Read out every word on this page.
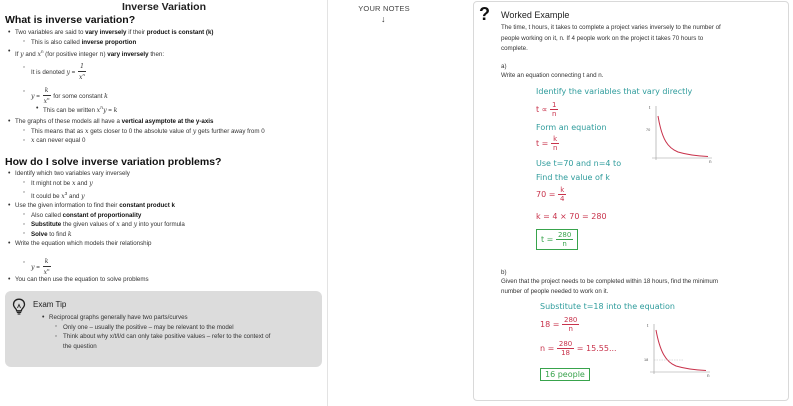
Inverse Variation
What is inverse variation?
• Two variables are said to vary inversely if their product is constant (k)
◦ This is also called inverse proportion
• If y and $x^n$ (for positive integer n) vary inversely then:
◦ It is denoted $y = \frac{1}{x^n}$
◦ $y = \frac{k}{x^n}$ for some constant k
• This can be written $x^ny = k$
• The graphs of these models all have a vertical asymptote at the y-axis
◦ This means that as x gets closer to 0 the absolute value of y gets further away from 0
◦ x can never equal 0
How do I solve inverse variation problems?
• Identify which two variables vary inversely
◦ It might not be x and y
◦ It could be $x^3$ and y
• Use the given information to find their constant product k
◦ Also called constant of proportionality
◦ Substitute the given values of x and y into your formula
◦ Solve to find k
• Write the equation which models their relationship
◦ $y = \frac{k}{x^n}$
• You can then use the equation to solve problems
Exam Tip
• Reciprocal graphs generally have two parts/curves
◦ Only one – usually the positive – may be relevant to the model
◦ Think about why x/t/l/d can only take positive values – refer to the context of
the question
YOUR NOTES
↓	? Worked Example
The time, t hours, it takes to complete a project varies inversely to the number of
people working on it, n. If 4 people work on the project it takes 70 hours to
complete.
a)
Write an equation connecting t and n.
Identify the variables that vary directly
$t \propto \frac{1}{n}$
Form an equation
$t = \frac{k}{n}$
Use t=70 and n=4 to
Find the value of k
$70 = \frac{k}{4}$
k = 4 × 70 = 280
$t = \frac{280}{n}$
t
n
70
b)
Given that the project needs to be completed within 18 hours, find the minimum
number of people needed to work on it.
Substitute t=18 into the equation
$18 = \frac{280}{n}$
$n = \frac{280}{18} = 15.55$...
16 people
t
n
18
